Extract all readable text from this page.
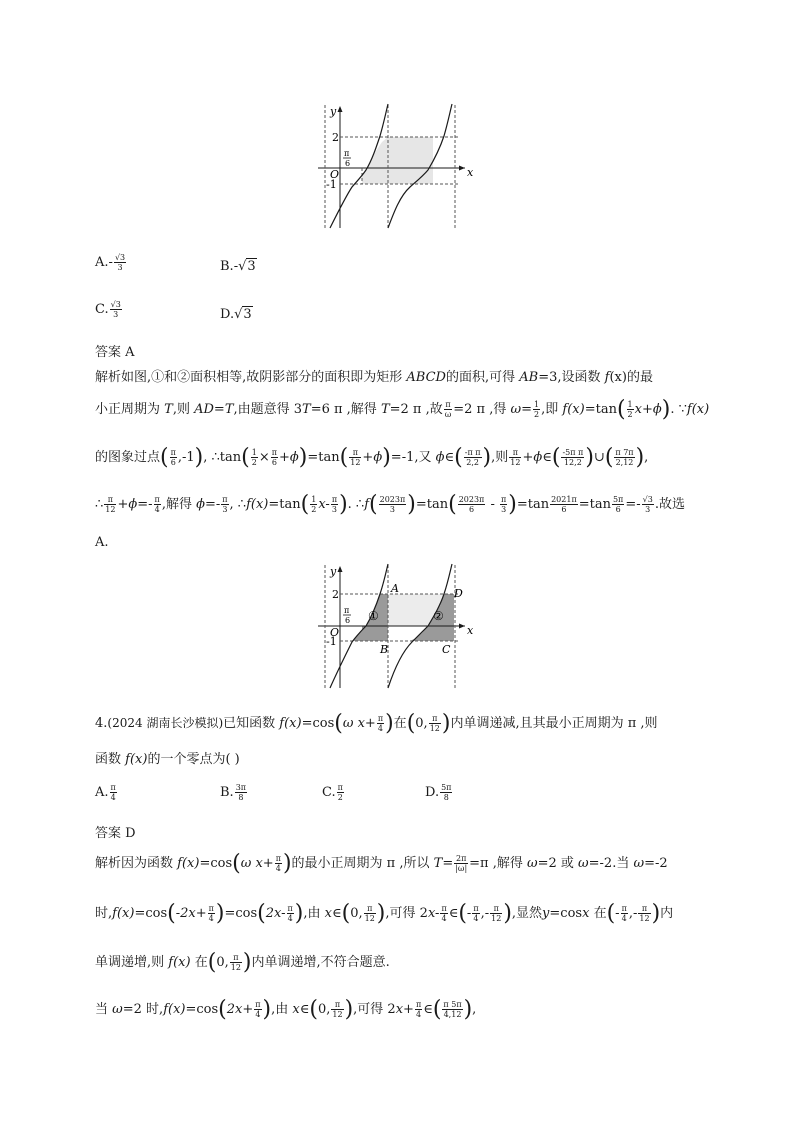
y
x
O
2
-1
π
6
$A.- \frac{√3}{3}$	B.-√3
C. $\frac{√3}{3}$	D.√3
答案 A
解析如图,①和②面积相等,故阴影部分的面积即为矩形 ABCD的面积,可得 AB=3,设函数 f(x)的最
小正周期为 T,则 AD=T,由题意得 3T=6 π ,解得 T=2 π ,故 $\frac{\pi}{\omega} =2$ π ,得 $\omega= \frac{1}{2}$ ,即 $f(x)=\tan( \frac{1}{2} x+\phi)$. ∵f(x)
的图象过点( $\frac{\pi}{6} ,-1$), ∴tan( $\frac{1}{2} \times \frac{\pi}{6} +\phi)=\tan( \frac{\pi}{12} +\phi)=-1$,又 ϕ∈( $\frac{\text{-π π}}{2,2}$ ),则 $\frac{\pi}{12}$ +ϕ∈( $\frac{\text{-5π π}}{12,2}$ )∪( $\frac{\pi 7\pi}{2,12}$ ),
∴ $\frac{\pi}{12} +\phi=- \frac{\pi}{4}$ ,解得 $\phi=- \frac{\pi}{3}$ , ∴f(x)=tan( $\frac{1}{2} x- \frac{\pi}{3}$ ). ∴f( $\frac{2023\pi}{3} )=\tan( \frac{2023\pi}{6} - \frac{\pi}{3} )=\tan \frac{2021\pi}{6} =\tan \frac{5\pi}{6} =- \frac{√3}{3}$ .故选
A.
y
x
O
2
-1
π
6
A
B	C
D
①	②
4.(2024 湖南长沙模拟)已知函数 f(x)=cos(ω $x+ \frac{\pi}{4}$ )在(0, $\frac{\pi}{12}$ )内单调递减,且其最小正周期为 π ,则
函数 f(x)的一个零点为( )
A. $\frac{\pi}{4}$	B. $\frac{3\pi}{8}$	C. $\frac{\pi}{2}$	D. $\frac{5\pi}{8}$
答案 D
解析因为函数 f(x)=cos(ω $x+ \frac{\pi}{4}$ )的最小正周期为 π ,所以 $T= \frac{2\pi}{|\omega|} =\pi$ ,解得 ω=2 或 ω=-2.当 ω=-2
时$,f(x)=\cos(-2x+ \frac{\pi}{4} )=\cos(2x- \frac{\pi}{4}$ ),由 x∈(0, $\frac{\pi}{12}$ ),可得 $2x- \frac{\pi}{4}$ ∈(- $\frac{\pi}{4}$ ,- $\frac{\pi}{12}$ ),显然y=cosx 在(- $\frac{\pi}{4}$ ,- $\frac{\pi}{12}$ )内
单调递增,则 f(x) 在(0, $\frac{\pi}{12}$ )内单调递增,不符合题意.
当 ω=2 时$,f(x)=\cos(2x+ \frac{\pi}{4}$ ),由 x∈(0, $\frac{\pi}{12}$ ),可得 $2x+ \frac{\pi}{4}$ ∈( $\frac{\pi 5\pi}{4,12}$ ),
